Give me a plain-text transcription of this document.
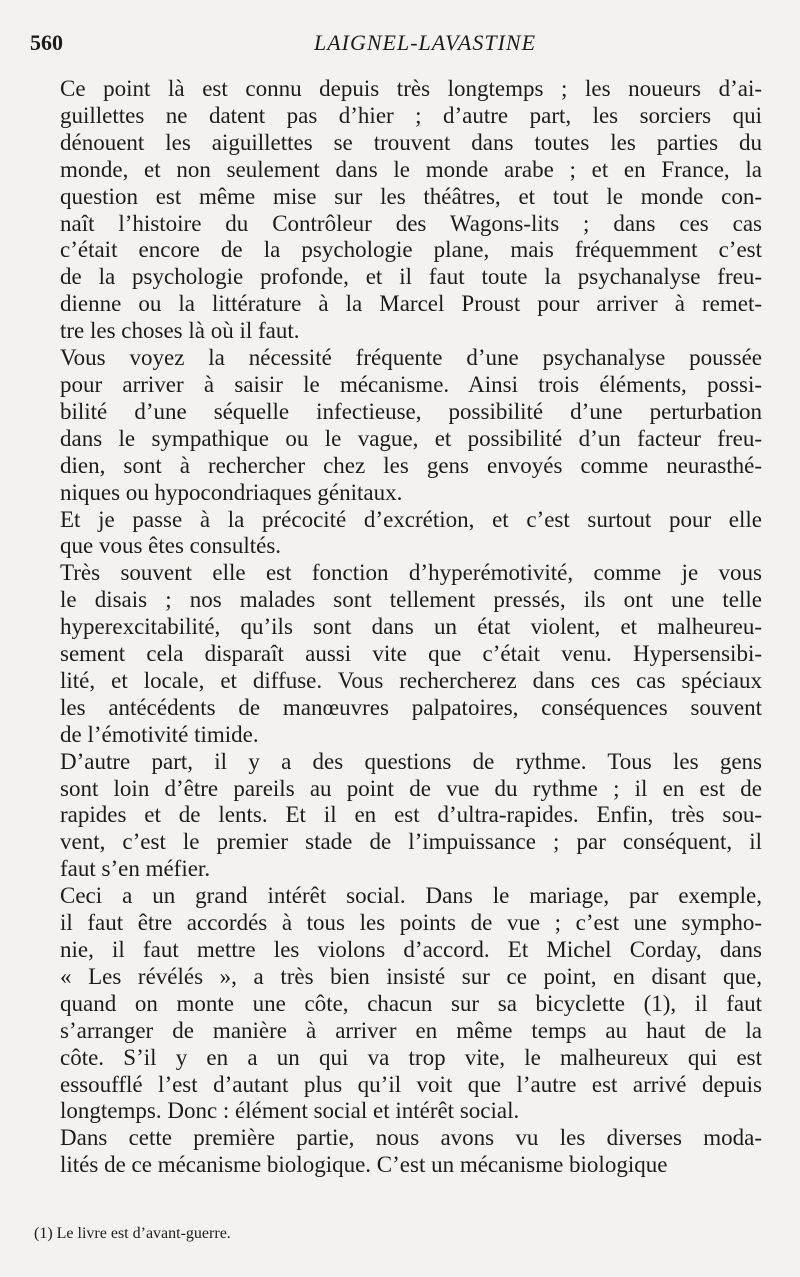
560	LAIGNEL-LAVASTINE

Ce point là est connu depuis très longtemps ; les noueurs d’ai-
guillettes ne datent pas d’hier ; d’autre part, les sorciers qui
dénouent les aiguillettes se trouvent dans toutes les parties du
monde, et non seulement dans le monde arabe ; et en France, la
question est même mise sur les théâtres, et tout le monde con-
naît l’histoire du Contrôleur des Wagons-lits ; dans ces cas
c’était encore de la psychologie plane, mais fréquemment c’est
de la psychologie profonde, et il faut toute la psychanalyse freu-
dienne ou la littérature à la Marcel Proust pour arriver à remet-
tre les choses là où il faut.

Vous voyez la nécessité fréquente d’une psychanalyse poussée
pour arriver à saisir le mécanisme. Ainsi trois éléments, possi-
bilité d’une séquelle infectieuse, possibilité d’une perturbation
dans le sympathique ou le vague, et possibilité d’un facteur freu-
dien, sont à rechercher chez les gens envoyés comme neurasthé-
niques ou hypocondriaques génitaux.

Et je passe à la précocité d’excrétion, et c’est surtout pour elle
que vous êtes consultés.

Très souvent elle est fonction d’hyperémotivité, comme je vous
le disais ; nos malades sont tellement pressés, ils ont une telle
hyperexcitabilité, qu’ils sont dans un état violent, et malheureu-
sement cela disparaît aussi vite que c’était venu. Hypersensibi-
lité, et locale, et diffuse. Vous rechercherez dans ces cas spéciaux
les antécédents de manœuvres palpatoires, conséquences souvent
de l’émotivité timide.

D’autre part, il y a des questions de rythme. Tous les gens
sont loin d’être pareils au point de vue du rythme ; il en est de
rapides et de lents. Et il en est d’ultra-rapides. Enfin, très sou-
vent, c’est le premier stade de l’impuissance ; par conséquent, il
faut s’en méfier.

Ceci a un grand intérêt social. Dans le mariage, par exemple,
il faut être accordés à tous les points de vue ; c’est une sympho-
nie, il faut mettre les violons d’accord. Et Michel Corday, dans
« Les révélés », a très bien insisté sur ce point, en disant que,
quand on monte une côte, chacun sur sa bicyclette (1), il faut
s’arranger de manière à arriver en même temps au haut de la
côte. S’il y en a un qui va trop vite, le malheureux qui est
essoufflé l’est d’autant plus qu’il voit que l’autre est arrivé depuis
longtemps. Donc : élément social et intérêt social.

Dans cette première partie, nous avons vu les diverses moda-
lités de ce mécanisme biologique. C’est un mécanisme biologique

(1) Le livre est d’avant-guerre.
